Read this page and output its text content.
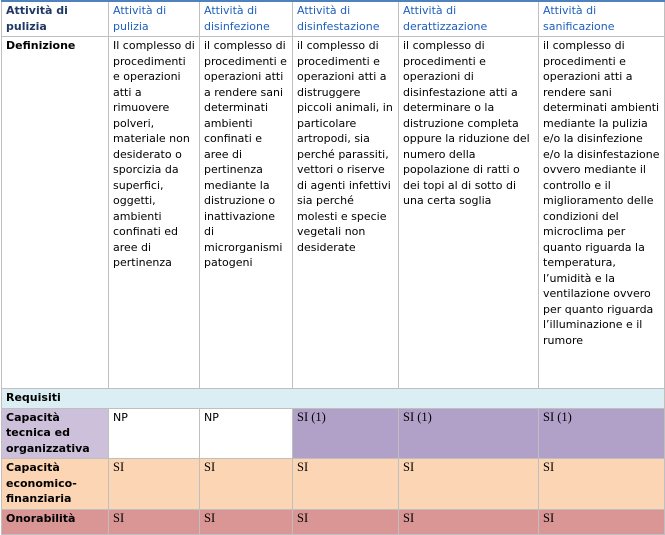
Attività di pulizia	Attività di pulizia	Attività di disinfezione	Attività di disinfestazione	Attività di derattizzazione	Attività di sanificazione
Definizione	Il complesso di procedimenti e operazioni atti a rimuovere polveri, materiale non desiderato o sporcizia da superfici, oggetti, ambienti confinati ed aree di pertinenza	il complesso di procedimenti e operazioni atti a rendere sani determinati ambienti confinati e aree di pertinenza mediante la distruzione o inattivazione di microrganismi patogeni	il complesso di procedimenti e operazioni atti a distruggere piccoli animali, in particolare artropodi, sia perché parassiti, vettori o riserve di agenti infettivi sia perché molesti e specie vegetali non desiderate	il complesso di procedimenti e operazioni di disinfestazione atti a determinare o la distruzione completa oppure la riduzione del numero della popolazione di ratti o dei topi al di sotto di una certa soglia	il complesso di procedimenti e operazioni atti a rendere sani determinati ambienti mediante la pulizia e/o la disinfezione e/o la disinfestazione ovvero mediante il controllo e il miglioramento delle condizioni del microclima per quanto riguarda la temperatura, l’umidità e la ventilazione ovvero per quanto riguarda l’illuminazione e il rumore
Requisiti					
Capacità tecnica ed organizzativa	NP	NP	SI (1)	SI (1)	SI (1)
Capacità economico-finanziaria	SI	SI	SI	SI	SI
Onorabilità	SI	SI	SI	SI	SI
